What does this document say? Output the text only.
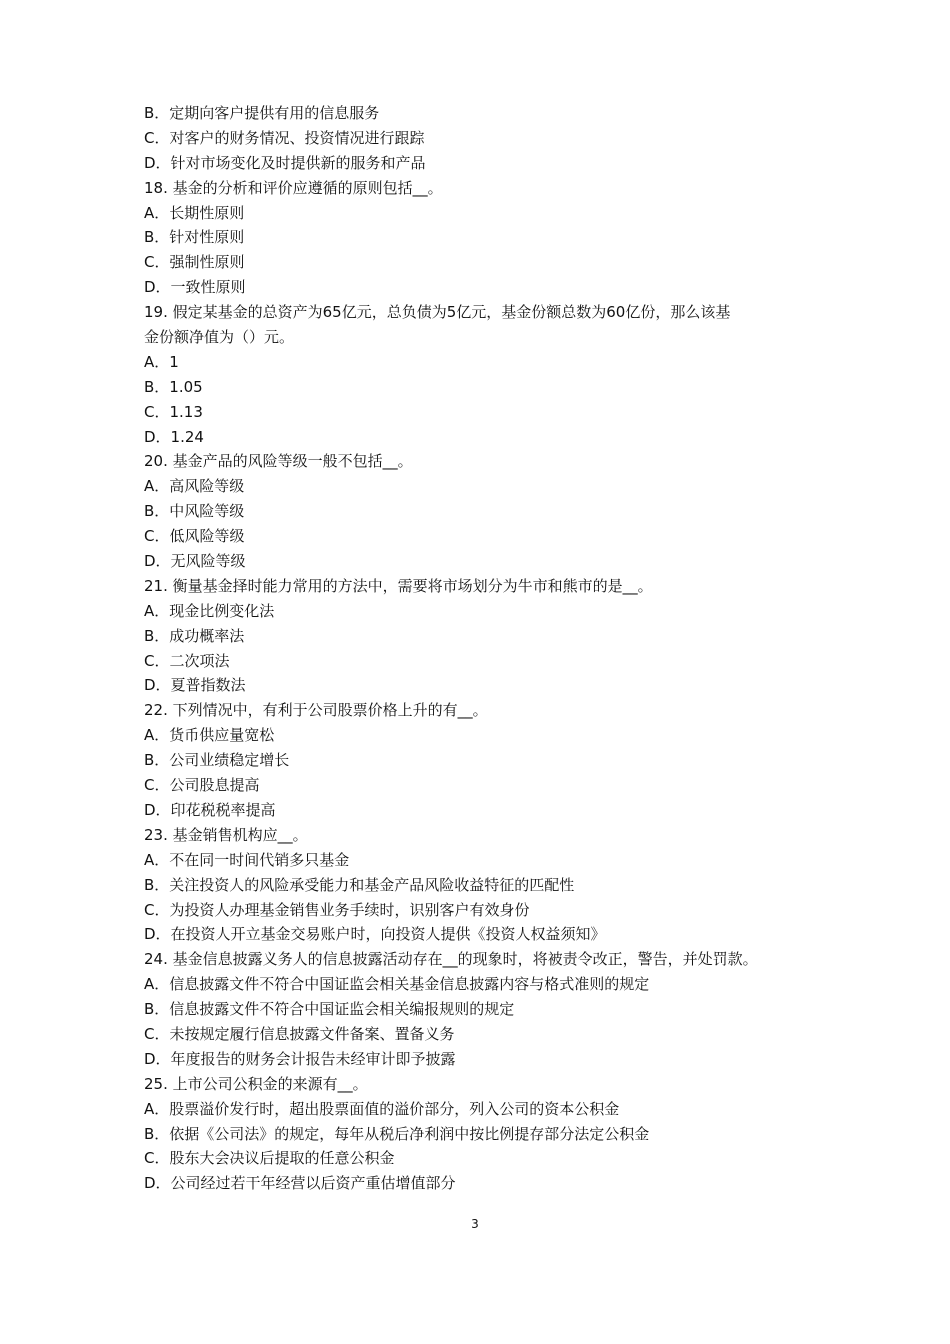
B．定期向客户提供有用的信息服务
C．对客户的财务情况、投资情况进行跟踪
D．针对市场变化及时提供新的服务和产品
18. 基金的分析和评价应遵循的原则包括__。
A．长期性原则
B．针对性原则
C．强制性原则
D．一致性原则
19. 假定某基金的总资产为65亿元，总负债为5亿元，基金份额总数为60亿份，那么该基
金份额净值为（）元。
A．1
B．1.05
C．1.13
D．1.24
20. 基金产品的风险等级一般不包括__。
A．高风险等级
B．中风险等级
C．低风险等级
D．无风险等级
21. 衡量基金择时能力常用的方法中，需要将市场划分为牛市和熊市的是__。
A．现金比例变化法
B．成功概率法
C．二次项法
D．夏普指数法
22. 下列情况中，有利于公司股票价格上升的有__。
A．货币供应量宽松
B．公司业绩稳定增长
C．公司股息提高
D．印花税税率提高
23. 基金销售机构应__。
A．不在同一时间代销多只基金
B．关注投资人的风险承受能力和基金产品风险收益特征的匹配性
C．为投资人办理基金销售业务手续时，识别客户有效身份
D．在投资人开立基金交易账户时，向投资人提供《投资人权益须知》
24. 基金信息披露义务人的信息披露活动存在__的现象时，将被责令改正，警告，并处罚款。
A．信息披露文件不符合中国证监会相关基金信息披露内容与格式准则的规定
B．信息披露文件不符合中国证监会相关编报规则的规定
C．未按规定履行信息披露文件备案、置备义务
D．年度报告的财务会计报告未经审计即予披露
25. 上市公司公积金的来源有__。
A．股票溢价发行时，超出股票面值的溢价部分，列入公司的资本公积金
B．依据《公司法》的规定，每年从税后净利润中按比例提存部分法定公积金
C．股东大会决议后提取的任意公积金
D．公司经过若干年经营以后资产重估增值部分
3
